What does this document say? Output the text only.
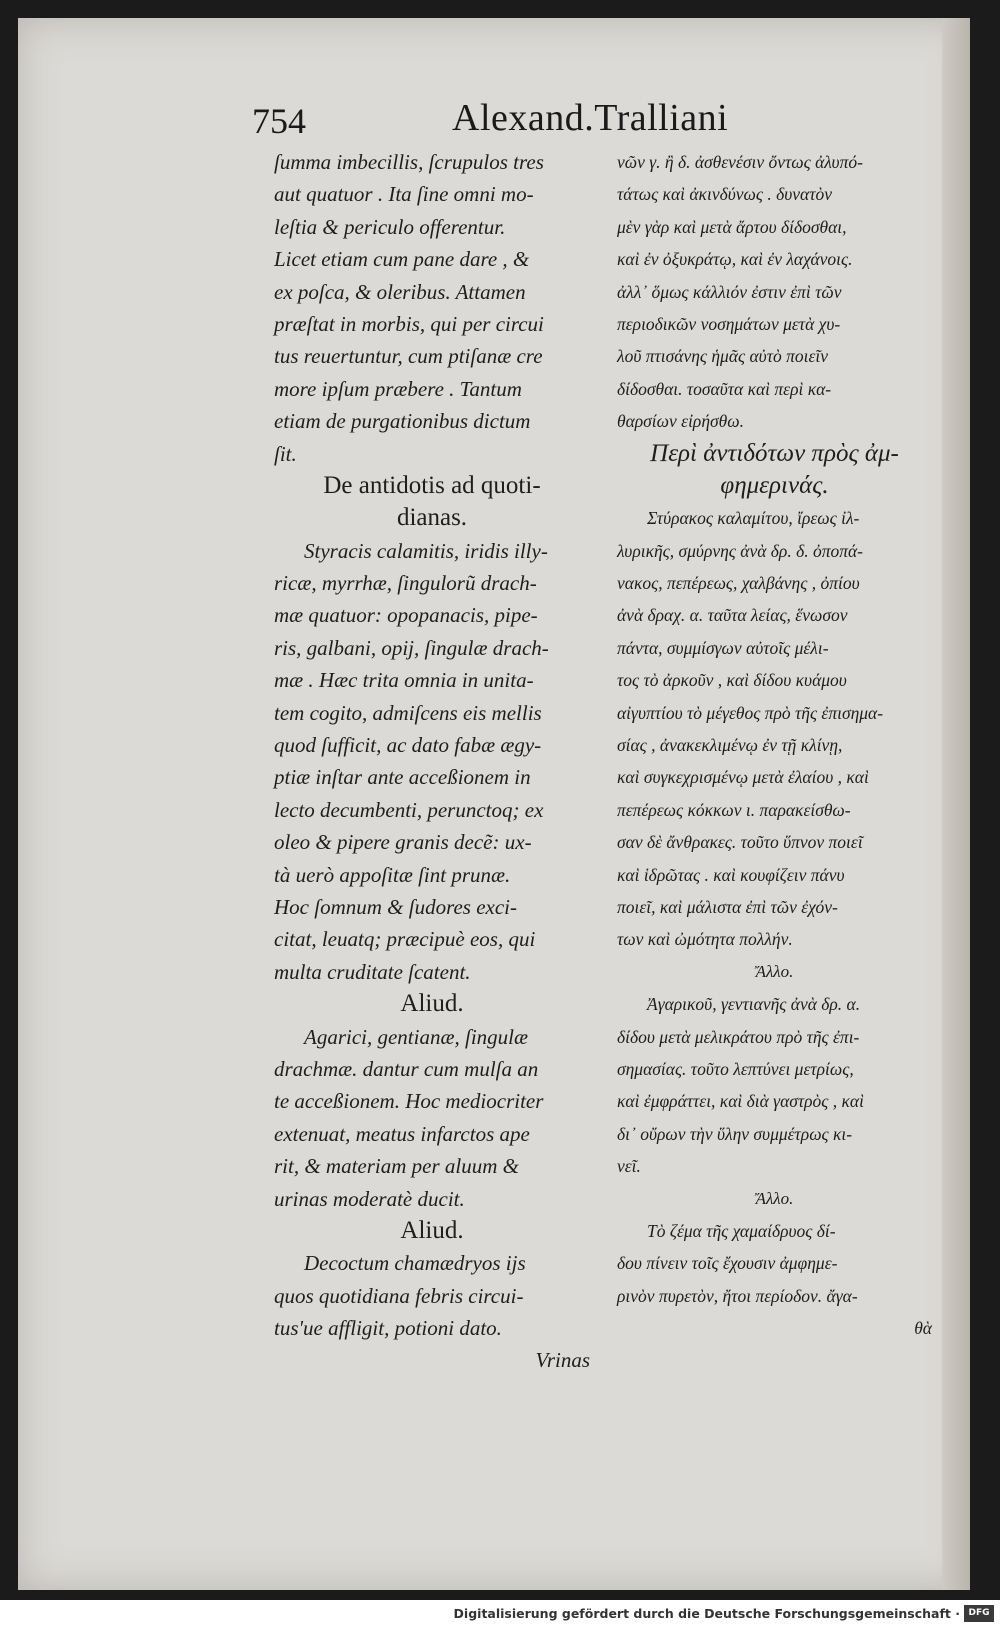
754	Alexand.Tralliani
ſumma imbecillis, ſcrupulos tres
aut quatuor . Ita ſine omni mo-
leſtia & periculo offerentur.
Licet etiam cum pane dare , &
ex poſca, & oleribus. Attamen
præſtat in morbis, qui per circui
tus reuertuntur, cum ptiſanæ cre
more ipſum præbere . Tantum
etiam de purgationibus dictum
ſit.
De antidotis ad quoti-
dianas.
Styracis calamitis, iridis illy-
ricæ, myrrhæ, ſingulorũ drach-
mæ quatuor: opopanacis, pipe-
ris, galbani, opij, ſingulæ drach-
mæ . Hæc trita omnia in unita-
tem cogito, admiſcens eis mellis
quod ſufficit, ac dato fabæ ægy-
ptiæ inſtar ante acceßionem in
lecto decumbenti, perunctoq; ex
oleo & pipere granis decẽ: ux-
tà uerò appoſitæ ſint prunæ.
Hoc ſomnum & ſudores exci-
citat, leuatq; præcipuè eos, qui
multa cruditate ſcatent.
Aliud.
Agarici, gentianæ, ſingulæ
drachmæ. dantur cum mulſa an
te acceßionem. Hoc mediocriter
extenuat, meatus infarctos ape
rit, & materiam per aluum &
urinas moderatè ducit.
Aliud.
Decoctum chamædryos ijs
quos quotidiana febris circui-
tus'ue affligit, potioni dato.
Vrinas
νῶν γ. ἢ δ. ἀσθενέσιν ὄντως ἀλυπό-
τάτως καὶ ἀκινδύνως . δυνατὸν
μὲν γὰρ καὶ μετὰ ἄρτου δίδοσθαι,
καὶ ἐν ὀξυκράτῳ, καὶ ἐν λαχάνοις.
ἀλλ᾽ ὅμως κάλλιόν ἐστιν ἐπὶ τῶν
περιοδικῶν νοσημάτων μετὰ χυ-
λοῦ πτισάνης ἡμᾶς αὐτὸ ποιεῖν
δίδοσθαι. τοσαῦτα καὶ περὶ κα-
θαρσίων εἰρήσθω.
Περὶ ἀντιδότων πρὸς ἀμ-
φημερινάς.
Στύρακος καλαμίτου, ἴρεως ἰλ-
λυρικῆς, σμύρνης ἀνὰ δρ. δ. ὀποπά-
νακος, πεπέρεως, χαλβάνης , ὀπίου
ἀνὰ δραχ. α. ταῦτα λείας, ἕνωσον
πάντα, συμμίσγων αὐτοῖς μέλι-
τος τὸ ἀρκοῦν , καὶ δίδου κυάμου
αἰγυπτίου τὸ μέγεθος πρὸ τῆς ἐπισημα-
σίας , ἀνακεκλιμένῳ ἐν τῇ κλίνῃ,
καὶ συγκεχρισμένῳ μετὰ ἐλαίου , καὶ
πεπέρεως κόκκων ι. παρακείσθω-
σαν δὲ ἄνθρακες. τοῦτο ὕπνον ποιεῖ
καὶ ἱδρῶτας . καὶ κουφίζειν πάνυ
ποιεῖ, καὶ μάλιστα ἐπὶ τῶν ἐχόν-
των καὶ ὠμότητα πολλήν.
Ἄλλο.
Ἀγαρικοῦ, γεντιανῆς ἀνὰ δρ. α.
δίδου μετὰ μελικράτου πρὸ τῆς ἐπι-
σημασίας. τοῦτο λεπτύνει μετρίως,
καὶ ἐμφράττει, καὶ διὰ γαστρὸς , καὶ
δι᾽ οὔρων τὴν ὕλην συμμέτρως κι-
νεῖ.
Ἄλλο.
Τὸ ζέμα τῆς χαμαίδρυος δί-
δου πίνειν τοῖς ἔχουσιν ἀμφημε-
ρινὸν πυρετὸν, ἤτοι περίοδον. ἄγα-
θὰ
Digitalisierung gefördert durch die Deutsche Forschungsgemeinschaft · DFG
